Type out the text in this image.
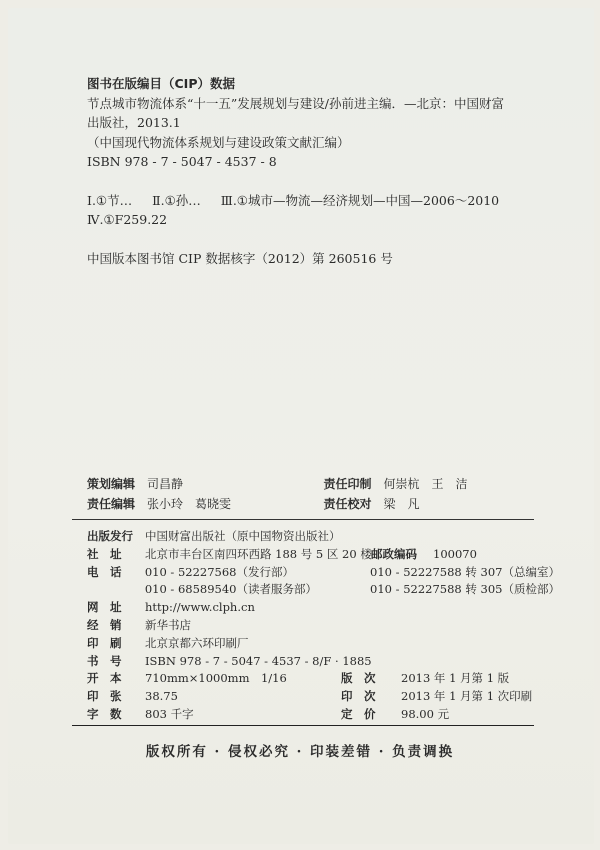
图书在版编目（CIP）数据
节点城市物流体系“十一五”发展规划与建设/孙前进主编．—北京：中国财富
出版社，2013.1
（中国现代物流体系规划与建设政策文献汇编）
ISBN 978 - 7 - 5047 - 4537 - 8
Ⅰ.①节… Ⅱ.①孙… Ⅲ.①城市—物流—经济规划—中国—2006～2010
Ⅳ.①F259.22
中国版本图书馆 CIP 数据核字（2012）第 260516 号
策划编辑 司昌静	责任印制 何崇杭　王　洁
责任编辑 张小玲　葛晓雯	责任校对 梁　凡
出版发行	中国财富出版社（原中国物资出版社）
社　址	北京市丰台区南四环西路 188 号 5 区 20 楼 邮政编码	100070
电　话	010 - 52227568（发行部）	010 - 52227588 转 307（总编室）
010 - 68589540（读者服务部）	010 - 52227588 转 305（质检部）
网　址	http://www.clph.cn
经　销	新华书店
印　刷	北京京都六环印刷厂
书　号	ISBN 978 - 7 - 5047 - 4537 - 8/F · 1885
开　本	710mm×1000mm　1/16	版　次	2013 年 1 月第 1 版
印　张	38.75	印　次	2013 年 1 月第 1 次印刷
字　数	803 千字	定　价	98.00 元
版权所有 · 侵权必究 · 印装差错 · 负责调换
